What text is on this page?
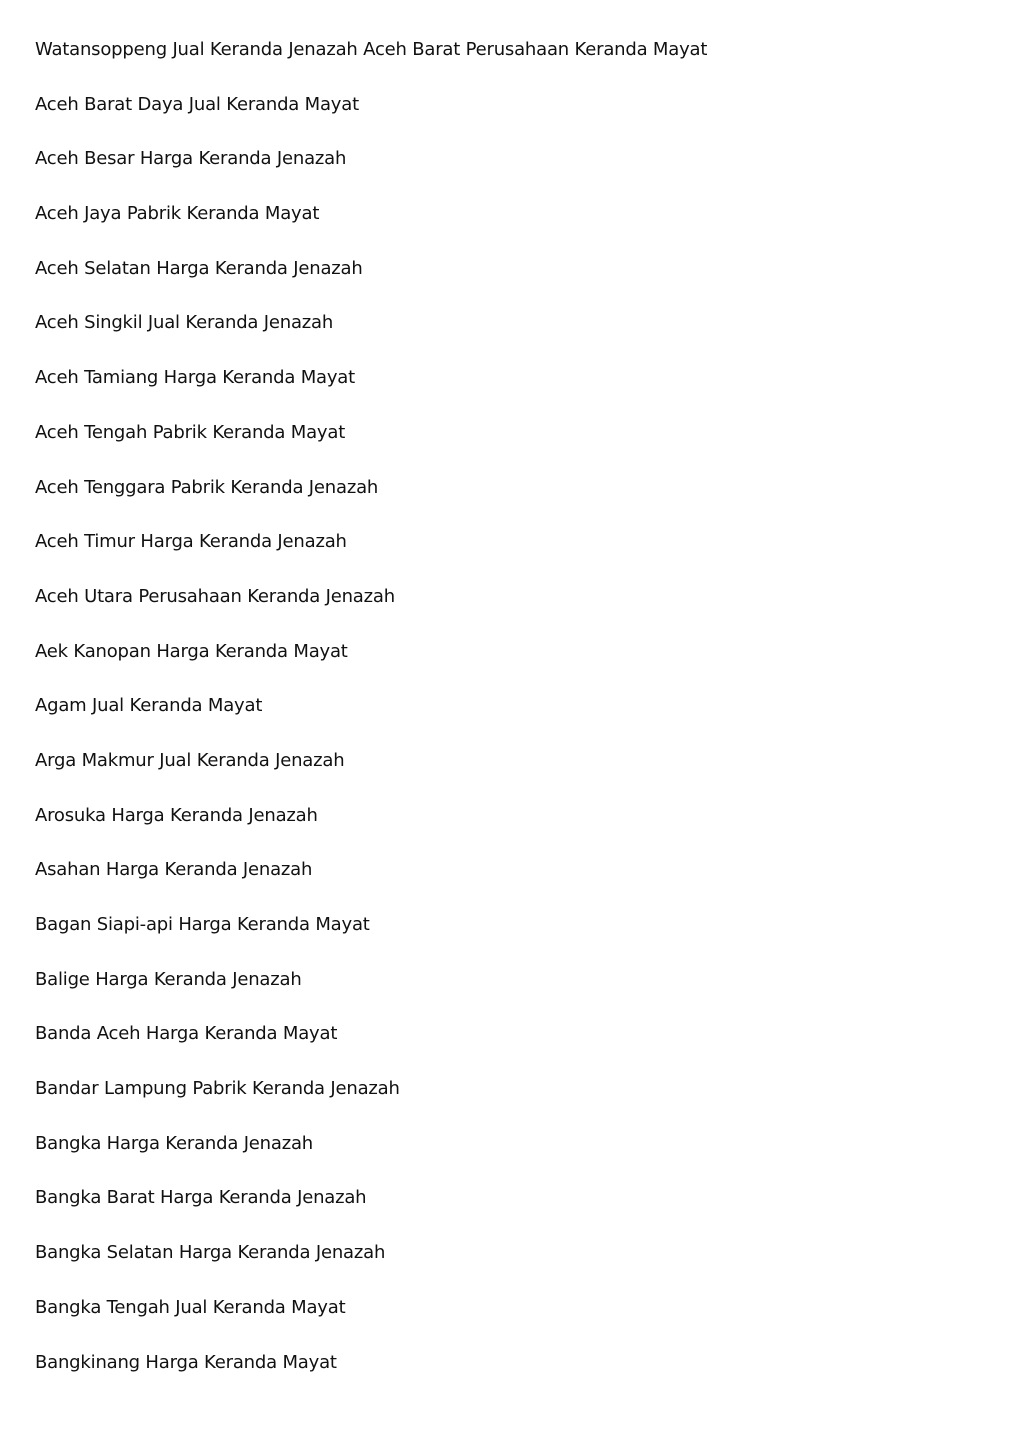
Watansoppeng Jual Keranda Jenazah Aceh Barat Perusahaan Keranda Mayat
Aceh Barat Daya Jual Keranda Mayat
Aceh Besar Harga Keranda Jenazah
Aceh Jaya Pabrik Keranda Mayat
Aceh Selatan Harga Keranda Jenazah
Aceh Singkil Jual Keranda Jenazah
Aceh Tamiang Harga Keranda Mayat
Aceh Tengah Pabrik Keranda Mayat
Aceh Tenggara Pabrik Keranda Jenazah
Aceh Timur Harga Keranda Jenazah
Aceh Utara Perusahaan Keranda Jenazah
Aek Kanopan Harga Keranda Mayat
Agam Jual Keranda Mayat
Arga Makmur Jual Keranda Jenazah
Arosuka Harga Keranda Jenazah
Asahan Harga Keranda Jenazah
Bagan Siapi-api Harga Keranda Mayat
Balige Harga Keranda Jenazah
Banda Aceh Harga Keranda Mayat
Bandar Lampung Pabrik Keranda Jenazah
Bangka Harga Keranda Jenazah
Bangka Barat Harga Keranda Jenazah
Bangka Selatan Harga Keranda Jenazah
Bangka Tengah Jual Keranda Mayat
Bangkinang Harga Keranda Mayat
